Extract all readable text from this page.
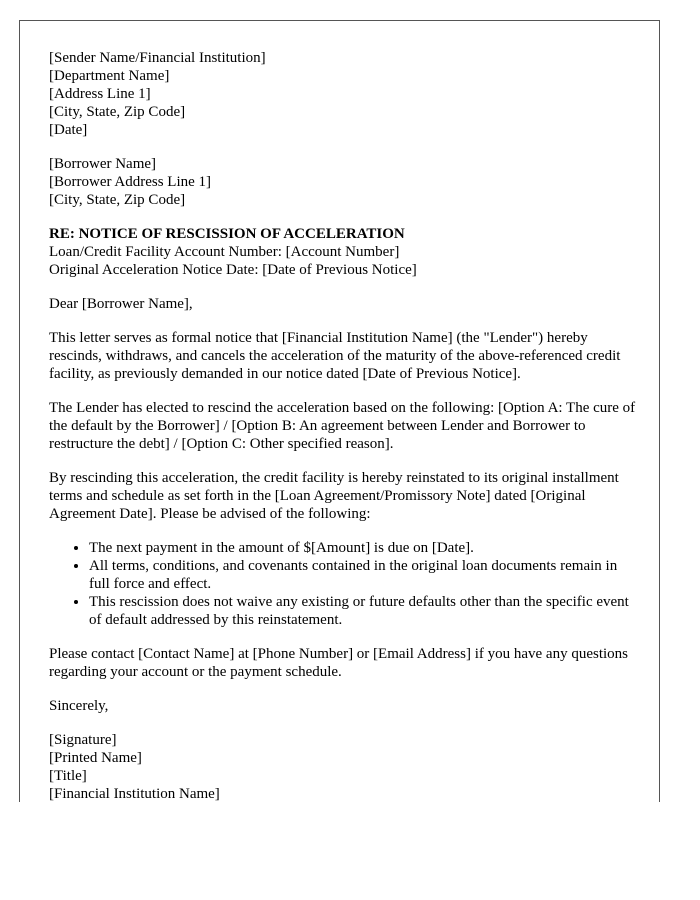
[Sender Name/Financial Institution]
[Department Name]
[Address Line 1]
[City, State, Zip Code]
[Date]
[Borrower Name]
[Borrower Address Line 1]
[City, State, Zip Code]
RE: NOTICE OF RESCISSION OF ACCELERATION
Loan/Credit Facility Account Number: [Account Number]
Original Acceleration Notice Date: [Date of Previous Notice]

Dear [Borrower Name],

This letter serves as formal notice that [Financial Institution Name] (the "Lender") hereby rescinds, withdraws, and cancels the acceleration of the maturity of the above-referenced credit facility, as previously demanded in our notice dated [Date of Previous Notice].

The Lender has elected to rescind the acceleration based on the following: [Option A: The cure of the default by the Borrower] / [Option B: An agreement between Lender and Borrower to restructure the debt] / [Option C: Other specified reason].

By rescinding this acceleration, the credit facility is hereby reinstated to its original installment terms and schedule as set forth in the [Loan Agreement/Promissory Note] dated [Original Agreement Date]. Please be advised of the following:

• The next payment in the amount of $[Amount] is due on [Date].
• All terms, conditions, and covenants contained in the original loan documents remain in full force and effect.
• This rescission does not waive any existing or future defaults other than the specific event of default addressed by this reinstatement.

Please contact [Contact Name] at [Phone Number] or [Email Address] if you have any questions regarding your account or the payment schedule.

Sincerely,

[Signature]
[Printed Name]
[Title]
[Financial Institution Name]
